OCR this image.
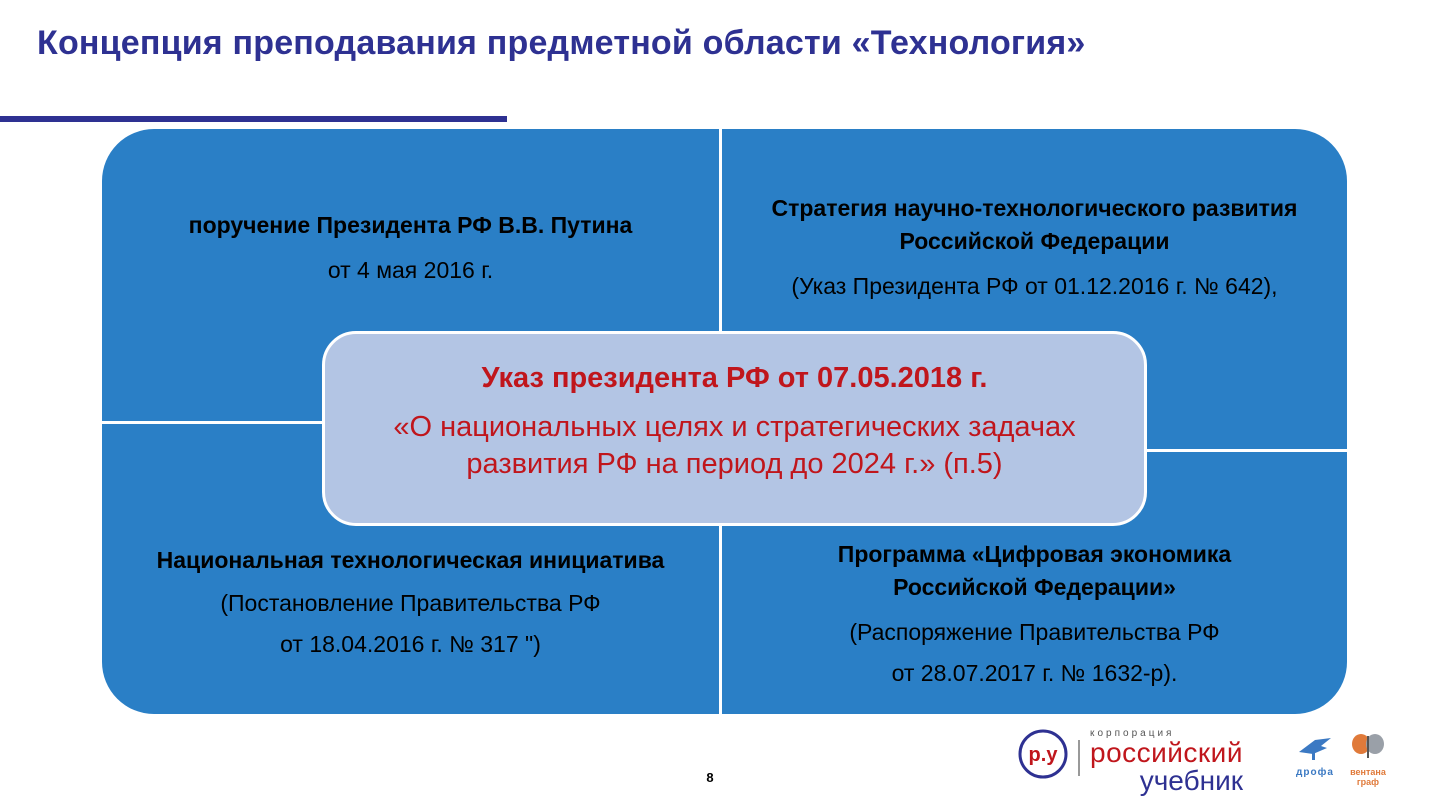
Концепция преподавания предметной области «Технология»
поручение Президента РФ В.В. Путина
от 4 мая 2016 г.
Стратегия научно-технологического развития Российской Федерации
(Указ Президента РФ от 01.12.2016 г. № 642),
Национальная технологическая инициатива
(Постановление Правительства РФ
от 18.04.2016 г. № 317 ")
Программа «Цифровая экономика Российской Федерации»
(Распоряжение Правительства РФ
от 28.07.2017 г. № 1632-р).
Указ президента РФ от 07.05.2018 г.
«О национальных целях и стратегических задачах развития РФ на период до 2024 г.» (п.5)
8
р.у
корпорация
российский
учебник	дрофа	вентана
граф
